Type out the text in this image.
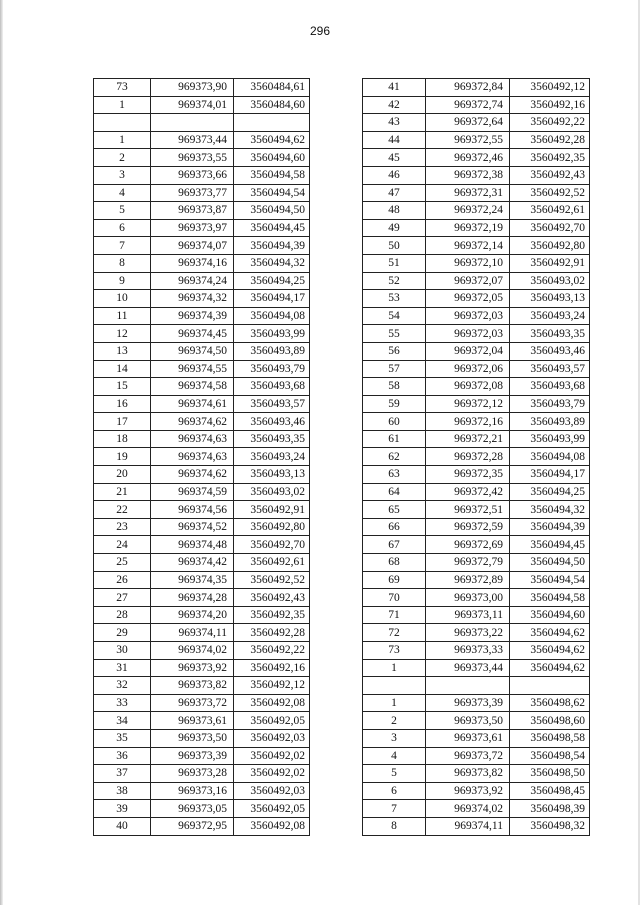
296
73	969373,90	3560484,61
1	969374,01	3560484,60

1	969373,44	3560494,62
2	969373,55	3560494,60
3	969373,66	3560494,58
4	969373,77	3560494,54
5	969373,87	3560494,50
6	969373,97	3560494,45
7	969374,07	3560494,39
8	969374,16	3560494,32
9	969374,24	3560494,25
10	969374,32	3560494,17
11	969374,39	3560494,08
12	969374,45	3560493,99
13	969374,50	3560493,89
14	969374,55	3560493,79
15	969374,58	3560493,68
16	969374,61	3560493,57
17	969374,62	3560493,46
18	969374,63	3560493,35
19	969374,63	3560493,24
20	969374,62	3560493,13
21	969374,59	3560493,02
22	969374,56	3560492,91
23	969374,52	3560492,80
24	969374,48	3560492,70
25	969374,42	3560492,61
26	969374,35	3560492,52
27	969374,28	3560492,43
28	969374,20	3560492,35
29	969374,11	3560492,28
30	969374,02	3560492,22
31	969373,92	3560492,16
32	969373,82	3560492,12
33	969373,72	3560492,08
34	969373,61	3560492,05
35	969373,50	3560492,03
36	969373,39	3560492,02
37	969373,28	3560492,02
38	969373,16	3560492,03
39	969373,05	3560492,05
40	969372,95	3560492,08
41	969372,84	3560492,12
42	969372,74	3560492,16
43	969372,64	3560492,22
44	969372,55	3560492,28
45	969372,46	3560492,35
46	969372,38	3560492,43
47	969372,31	3560492,52
48	969372,24	3560492,61
49	969372,19	3560492,70
50	969372,14	3560492,80
51	969372,10	3560492,91
52	969372,07	3560493,02
53	969372,05	3560493,13
54	969372,03	3560493,24
55	969372,03	3560493,35
56	969372,04	3560493,46
57	969372,06	3560493,57
58	969372,08	3560493,68
59	969372,12	3560493,79
60	969372,16	3560493,89
61	969372,21	3560493,99
62	969372,28	3560494,08
63	969372,35	3560494,17
64	969372,42	3560494,25
65	969372,51	3560494,32
66	969372,59	3560494,39
67	969372,69	3560494,45
68	969372,79	3560494,50
69	969372,89	3560494,54
70	969373,00	3560494,58
71	969373,11	3560494,60
72	969373,22	3560494,62
73	969373,33	3560494,62
1	969373,44	3560494,62

1	969373,39	3560498,62
2	969373,50	3560498,60
3	969373,61	3560498,58
4	969373,72	3560498,54
5	969373,82	3560498,50
6	969373,92	3560498,45
7	969374,02	3560498,39
8	969374,11	3560498,32
